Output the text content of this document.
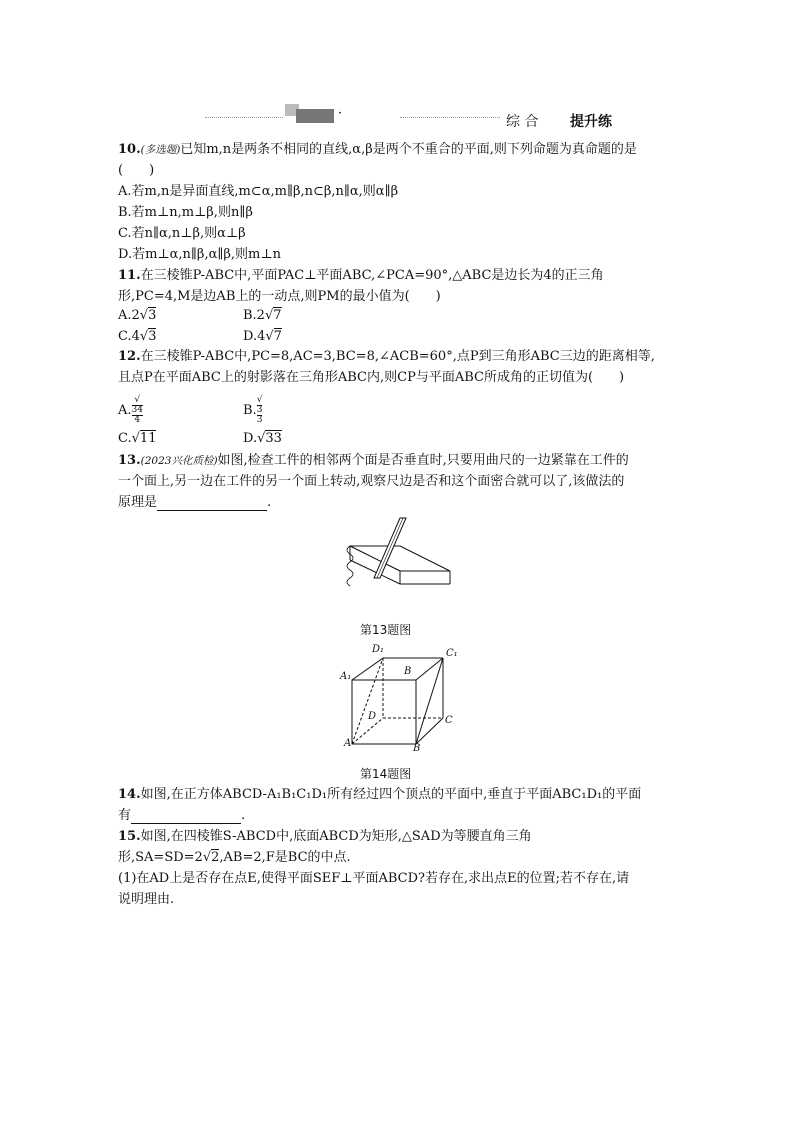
·
综 合 提升练
10.(多选题)已知m,n是两条不相同的直线,α,β是两个不重合的平面,则下列命题为真命题的是
(　　)
A.若m,n是异面直线,m⊂α,m∥β,n⊂β,n∥α,则α∥β
B.若m⊥n,m⊥β,则n∥β
C.若n∥α,n⊥β,则α⊥β
D.若m⊥α,n∥β,α∥β,则m⊥n
11.在三棱锥P-ABC中,平面PAC⊥平面ABC,∠PCA=90°,△ABC是边长为4的正三角
形,PC=4,M是边AB上的一动点,则PM的最小值为(　　)
A.2√3	B.2√7
C.4√3	D.4√7
12.在三棱锥P-ABC中,PC=8,AC=3,BC=8,∠ACB=60°,点P到三角形ABC三边的距离相等,
且点P在平面ABC上的射影落在三角形ABC内,则CP与平面ABC所成角的正切值为(　　)
A. √
34
4	B. √
3
3
C.√11	D.√33
13.(2023兴化质检)如图,检查工件的相邻两个面是否垂直时,只要用曲尺的一边紧靠在工件的
一个面上,另一边在工件的另一个面上转动,观察尺边是否和这个面密合就可以了,该做法的
原理是	.
第13题图
D₁	C₁
A₁	B
D	C
A	B
第14题图
14.如图,在正方体ABCD-A₁B₁C₁D₁所有经过四个顶点的平面中,垂直于平面ABC₁D₁的平面
有	.
15.如图,在四棱锥S-ABCD中,底面ABCD为矩形,△SAD为等腰直角三角
形,SA=SD=2√2,AB=2,F是BC的中点.
(1)在AD上是否存在点E,使得平面SEF⊥平面ABCD?若存在,求出点E的位置;若不存在,请
说明理由.
